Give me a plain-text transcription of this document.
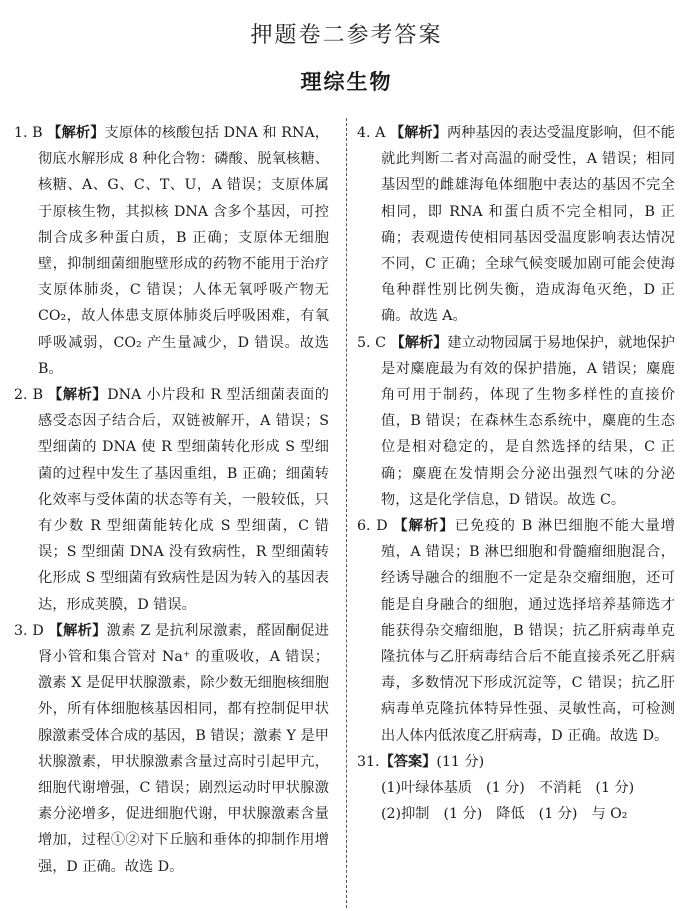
押题卷二参考答案
理综生物

1. B 【解析】支原体的核酸包括 DNA 和 RNA，彻底水解形成 8 种化合物：磷酸、脱氧核糖、核糖、A、G、C、T、U，A 错误；支原体属于原核生物，其拟核 DNA 含多个基因，可控制合成多种蛋白质，B 正确；支原体无细胞壁，抑制细菌细胞壁形成的药物不能用于治疗支原体肺炎，C 错误；人体无氧呼吸产物无 CO₂，故人体患支原体肺炎后呼吸困难，有氧呼吸减弱，CO₂ 产生量减少，D 错误。故选 B。

2. B 【解析】DNA 小片段和 R 型活细菌表面的感受态因子结合后，双链被解开，A 错误；S 型细菌的 DNA 使 R 型细菌转化形成 S 型细菌的过程中发生了基因重组，B 正确；细菌转化效率与受体菌的状态等有关，一般较低，只有少数 R 型细菌能转化成 S 型细菌，C 错误；S 型细菌 DNA 没有致病性，R 型细菌转化形成 S 型细菌有致病性是因为转入的基因表达，形成荚膜，D 错误。

3. D 【解析】激素 Z 是抗利尿激素，醛固酮促进肾小管和集合管对 Na⁺ 的重吸收，A 错误；激素 X 是促甲状腺激素，除少数无细胞核细胞外，所有体细胞核基因相同，都有控制促甲状腺激素受体合成的基因，B 错误；激素 Y 是甲状腺激素，甲状腺激素含量过高时引起甲亢，细胞代谢增强，C 错误；剧烈运动时甲状腺激素分泌增多，促进细胞代谢，甲状腺激素含量增加，过程①②对下丘脑和垂体的抑制作用增强，D 正确。故选 D。

4. A 【解析】两种基因的表达受温度影响，但不能就此判断二者对高温的耐受性，A 错误；相同基因型的雌雄海龟体细胞中表达的基因不完全相同，即 RNA 和蛋白质不完全相同，B 正确；表观遗传使相同基因受温度影响表达情况不同，C 正确；全球气候变暖加剧可能会使海龟种群性别比例失衡，造成海龟灭绝，D 正确。故选 A。

5. C 【解析】建立动物园属于易地保护，就地保护是对麋鹿最为有效的保护措施，A 错误；麋鹿角可用于制药，体现了生物多样性的直接价值，B 错误；在森林生态系统中，麋鹿的生态位是相对稳定的，是自然选择的结果，C 正确；麋鹿在发情期会分泌出强烈气味的分泌物，这是化学信息，D 错误。故选 C。

6. D 【解析】已免疫的 B 淋巴细胞不能大量增殖，A 错误；B 淋巴细胞和骨髓瘤细胞混合，经诱导融合的细胞不一定是杂交瘤细胞，还可能是自身融合的细胞，通过选择培养基筛选才能获得杂交瘤细胞，B 错误；抗乙肝病毒单克隆抗体与乙肝病毒结合后不能直接杀死乙肝病毒，多数情况下形成沉淀等，C 错误；抗乙肝病毒单克隆抗体特异性强、灵敏性高，可检测出人体内低浓度乙肝病毒，D 正确。故选 D。

31.【答案】(11 分)

(1)叶绿体基质 (1 分) 不消耗 (1 分)
(2)抑制 (1 分) 降低 (1 分) 与 O₂
